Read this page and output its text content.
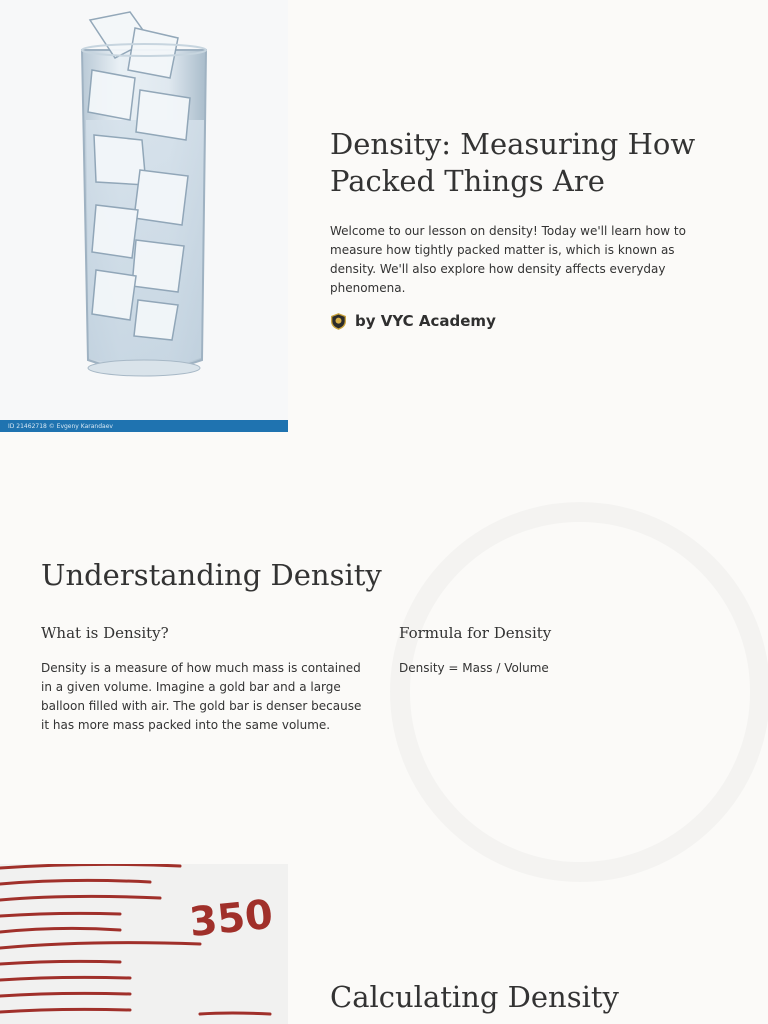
ID 21462718 © Evgeny Karandaev
Density: Measuring How Packed Things Are

Welcome to our lesson on density! Today we'll learn how to measure how tightly packed matter is, which is known as density. We'll also explore how density affects everyday phenomena.

by VYC Academy
Understanding Density
What is Density?

Density is a measure of how much mass is contained in a given volume. Imagine a gold bar and a large balloon filled with air. The gold bar is denser because it has more mass packed into the same volume.

Formula for Density

Density = Mass / Volume

350
Calculating Density
